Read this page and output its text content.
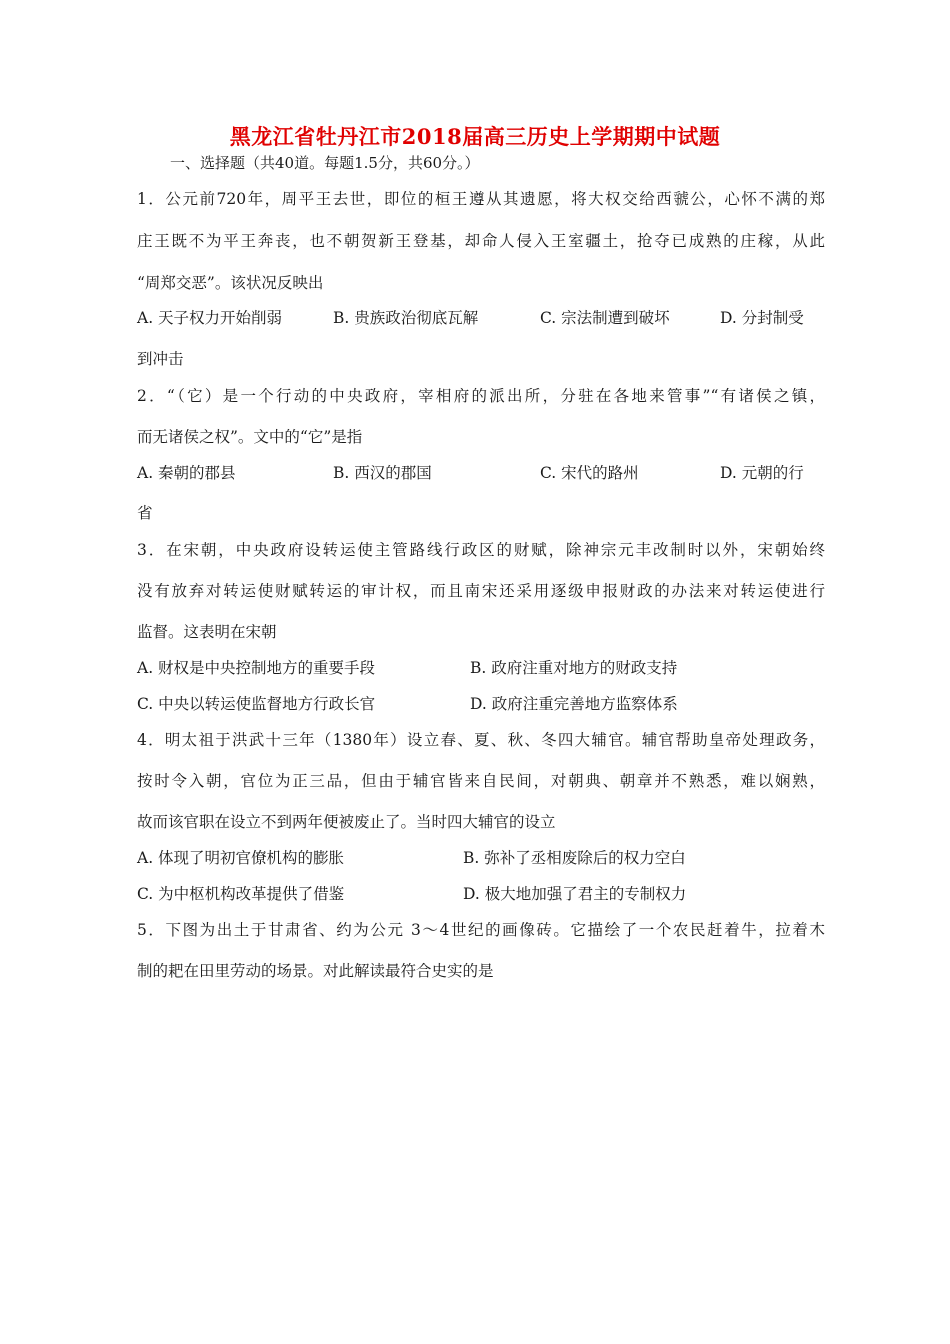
黑龙江省牡丹江市2018届高三历史上学期期中试题
一、选择题（共40道。每题1.5分，共60分。）
1．公元前720年，周平王去世，即位的桓王遵从其遗愿，将大权交给西虢公，心怀不满的郑
庄王既不为平王奔丧，也不朝贺新王登基，却命人侵入王室疆土，抢夺已成熟的庄稼，从此
“周郑交恶”。该状况反映出
A. 天子权力开始削弱	B. 贵族政治彻底瓦解	C. 宗法制遭到破坏	D. 分封制受
到冲击
2．“（它）是一个行动的中央政府，宰相府的派出所，分驻在各地来管事”“有诸侯之镇，
而无诸侯之权”。文中的“它”是指
A. 秦朝的郡县	B. 西汉的郡国	C. 宋代的路州	D. 元朝的行
省
3．在宋朝，中央政府设转运使主管路线行政区的财赋，除神宗元丰改制时以外，宋朝始终
没有放弃对转运使财赋转运的审计权，而且南宋还采用逐级申报财政的办法来对转运使进行
监督。这表明在宋朝
A. 财权是中央控制地方的重要手段	B. 政府注重对地方的财政支持
C. 中央以转运使监督地方行政长官	D. 政府注重完善地方监察体系
4．明太祖于洪武十三年（1380年）设立春、夏、秋、冬四大辅官。辅官帮助皇帝处理政务，
按时令入朝，官位为正三品，但由于辅官皆来自民间，对朝典、朝章并不熟悉，难以娴熟，
故而该官职在设立不到两年便被废止了。当时四大辅官的设立
A. 体现了明初官僚机构的膨胀	B. 弥补了丞相废除后的权力空白
C. 为中枢机构改革提供了借鉴	D. 极大地加强了君主的专制权力
5．下图为出土于甘肃省、约为公元 3～4世纪的画像砖。它描绘了一个农民赶着牛，拉着木
制的耙在田里劳动的场景。对此解读最符合史实的是
